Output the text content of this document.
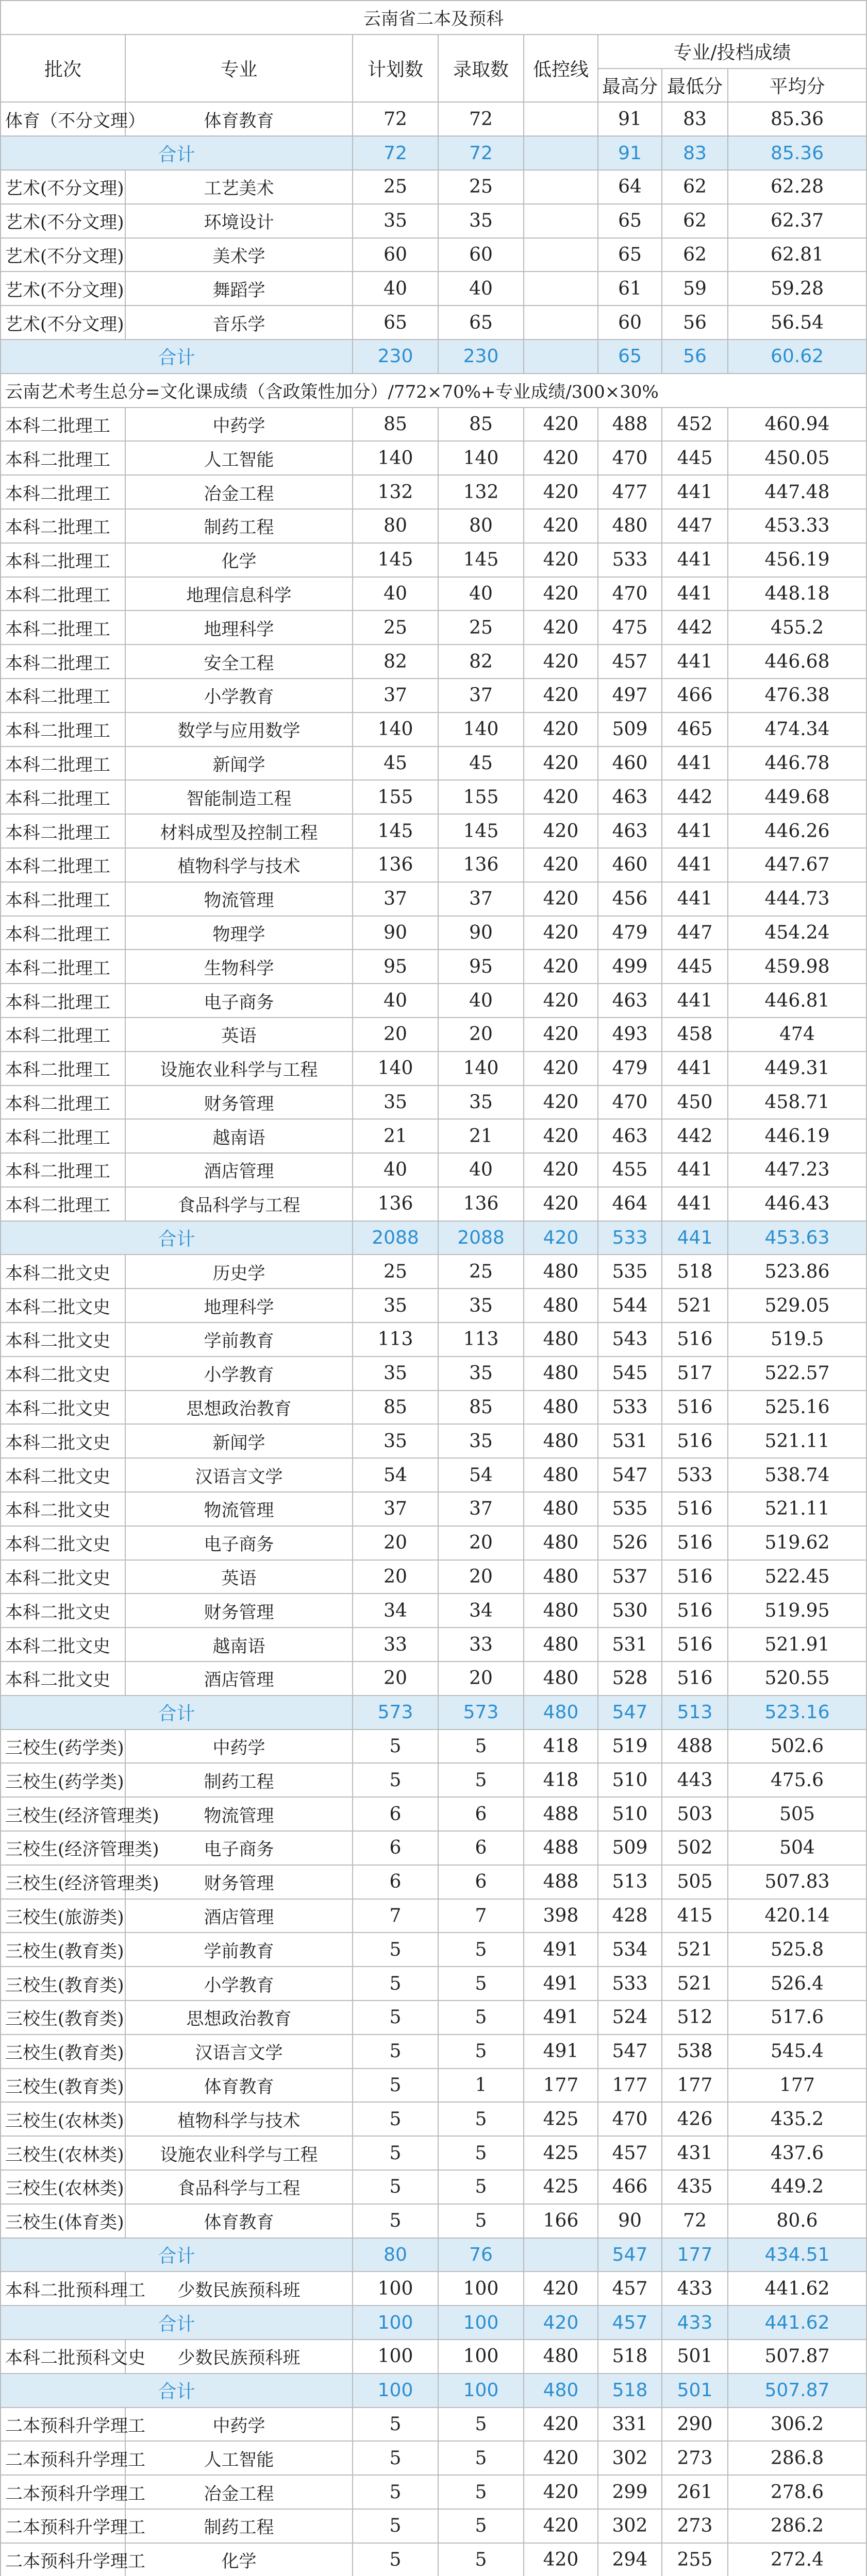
云南省二本及预科							
批次	专业	计划数	录取数	低控线	专业/投档成绩		
					最高分	最低分	平均分
体育（不分文理）	体育教育	72	72		91	83	85.36
合计		72	72		91	83	85.36
艺术(不分文理)	工艺美术	25	25		64	62	62.28
艺术(不分文理)	环境设计	35	35		65	62	62.37
艺术(不分文理)	美术学	60	60		65	62	62.81
艺术(不分文理)	舞蹈学	40	40		61	59	59.28
艺术(不分文理)	音乐学	65	65		60	56	56.54
合计		230	230		65	56	60.62
云南艺术考生总分=文化课成绩（含政策性加分）/772×70%+专业成绩/300×30%							
本科二批理工	中药学	85	85	420	488	452	460.94
本科二批理工	人工智能	140	140	420	470	445	450.05
本科二批理工	冶金工程	132	132	420	477	441	447.48
本科二批理工	制药工程	80	80	420	480	447	453.33
本科二批理工	化学	145	145	420	533	441	456.19
本科二批理工	地理信息科学	40	40	420	470	441	448.18
本科二批理工	地理科学	25	25	420	475	442	455.2
本科二批理工	安全工程	82	82	420	457	441	446.68
本科二批理工	小学教育	37	37	420	497	466	476.38
本科二批理工	数学与应用数学	140	140	420	509	465	474.34
本科二批理工	新闻学	45	45	420	460	441	446.78
本科二批理工	智能制造工程	155	155	420	463	442	449.68
本科二批理工	材料成型及控制工程	145	145	420	463	441	446.26
本科二批理工	植物科学与技术	136	136	420	460	441	447.67
本科二批理工	物流管理	37	37	420	456	441	444.73
本科二批理工	物理学	90	90	420	479	447	454.24
本科二批理工	生物科学	95	95	420	499	445	459.98
本科二批理工	电子商务	40	40	420	463	441	446.81
本科二批理工	英语	20	20	420	493	458	474
本科二批理工	设施农业科学与工程	140	140	420	479	441	449.31
本科二批理工	财务管理	35	35	420	470	450	458.71
本科二批理工	越南语	21	21	420	463	442	446.19
本科二批理工	酒店管理	40	40	420	455	441	447.23
本科二批理工	食品科学与工程	136	136	420	464	441	446.43
合计		2088	2088	420	533	441	453.63
本科二批文史	历史学	25	25	480	535	518	523.86
本科二批文史	地理科学	35	35	480	544	521	529.05
本科二批文史	学前教育	113	113	480	543	516	519.5
本科二批文史	小学教育	35	35	480	545	517	522.57
本科二批文史	思想政治教育	85	85	480	533	516	525.16
本科二批文史	新闻学	35	35	480	531	516	521.11
本科二批文史	汉语言文学	54	54	480	547	533	538.74
本科二批文史	物流管理	37	37	480	535	516	521.11
本科二批文史	电子商务	20	20	480	526	516	519.62
本科二批文史	英语	20	20	480	537	516	522.45
本科二批文史	财务管理	34	34	480	530	516	519.95
本科二批文史	越南语	33	33	480	531	516	521.91
本科二批文史	酒店管理	20	20	480	528	516	520.55
合计		573	573	480	547	513	523.16
三校生(药学类)	中药学	5	5	418	519	488	502.6
三校生(药学类)	制药工程	5	5	418	510	443	475.6
三校生(经济管理类)	物流管理	6	6	488	510	503	505
三校生(经济管理类)	电子商务	6	6	488	509	502	504
三校生(经济管理类)	财务管理	6	6	488	513	505	507.83
三校生(旅游类)	酒店管理	7	7	398	428	415	420.14
三校生(教育类)	学前教育	5	5	491	534	521	525.8
三校生(教育类)	小学教育	5	5	491	533	521	526.4
三校生(教育类)	思想政治教育	5	5	491	524	512	517.6
三校生(教育类)	汉语言文学	5	5	491	547	538	545.4
三校生(教育类)	体育教育	5	1	177	177	177	177
三校生(农林类)	植物科学与技术	5	5	425	470	426	435.2
三校生(农林类)	设施农业科学与工程	5	5	425	457	431	437.6
三校生(农林类)	食品科学与工程	5	5	425	466	435	449.2
三校生(体育类)	体育教育	5	5	166	90	72	80.6
合计		80	76		547	177	434.51
本科二批预科理工	少数民族预科班	100	100	420	457	433	441.62
合计		100	100	420	457	433	441.62
本科二批预科文史	少数民族预科班	100	100	480	518	501	507.87
合计		100	100	480	518	501	507.87
二本预科升学理工	中药学	5	5	420	331	290	306.2
二本预科升学理工	人工智能	5	5	420	302	273	286.8
二本预科升学理工	冶金工程	5	5	420	299	261	278.6
二本预科升学理工	制药工程	5	5	420	302	273	286.2
二本预科升学理工	化学	5	5	420	294	255	272.4
